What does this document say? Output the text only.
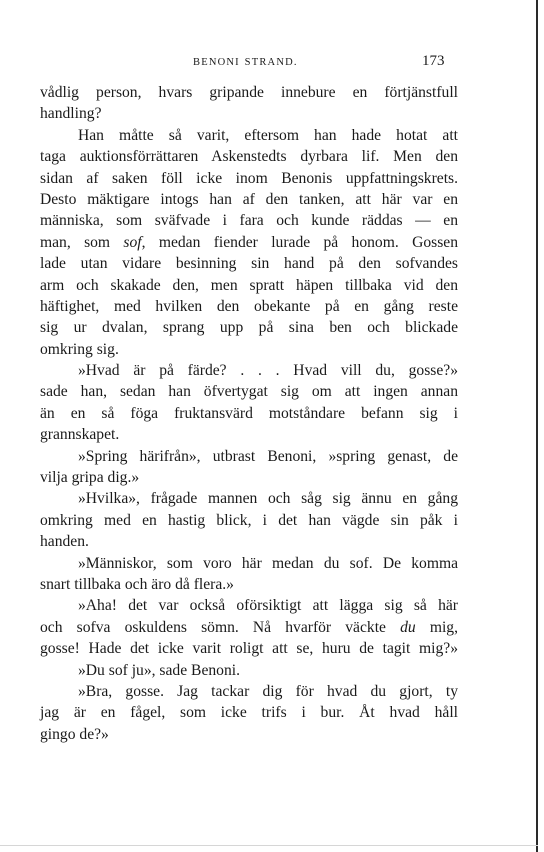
BENONI STRAND.	173
vådlig person, hvars gripande innebure en förtjänstfull
handling?
Han måtte så varit, eftersom han hade hotat att
taga auktionsförrättaren Askenstedts dyrbara lif. Men den
sidan af saken föll icke inom Benonis uppfattningskrets.
Desto mäktigare intogs han af den tanken, att här var en
människa, som sväfvade i fara och kunde räddas — en
man, som sof, medan fiender lurade på honom. Gossen
lade utan vidare besinning sin hand på den sofvandes
arm och skakade den, men spratt häpen tillbaka vid den
häftighet, med hvilken den obekante på en gång reste
sig ur dvalan, sprang upp på sina ben och blickade
omkring sig.
»Hvad är på färde? . . . Hvad vill du, gosse?»
sade han, sedan han öfvertygat sig om att ingen annan
än en så föga fruktansvärd motståndare befann sig i
grannskapet.
»Spring härifrån», utbrast Benoni, »spring genast, de
vilja gripa dig.»
»Hvilka», frågade mannen och såg sig ännu en gång
omkring med en hastig blick, i det han vägde sin påk i
handen.
»Människor, som voro här medan du sof. De komma
snart tillbaka och äro då flera.»
»Aha! det var också oförsiktigt att lägga sig så här
och sofva oskuldens sömn. Nå hvarför väckte du mig,
gosse! Hade det icke varit roligt att se, huru de tagit mig?»
»Du sof ju», sade Benoni.
»Bra, gosse. Jag tackar dig för hvad du gjort, ty
jag är en fågel, som icke trifs i bur. Åt hvad håll
gingo de?»
